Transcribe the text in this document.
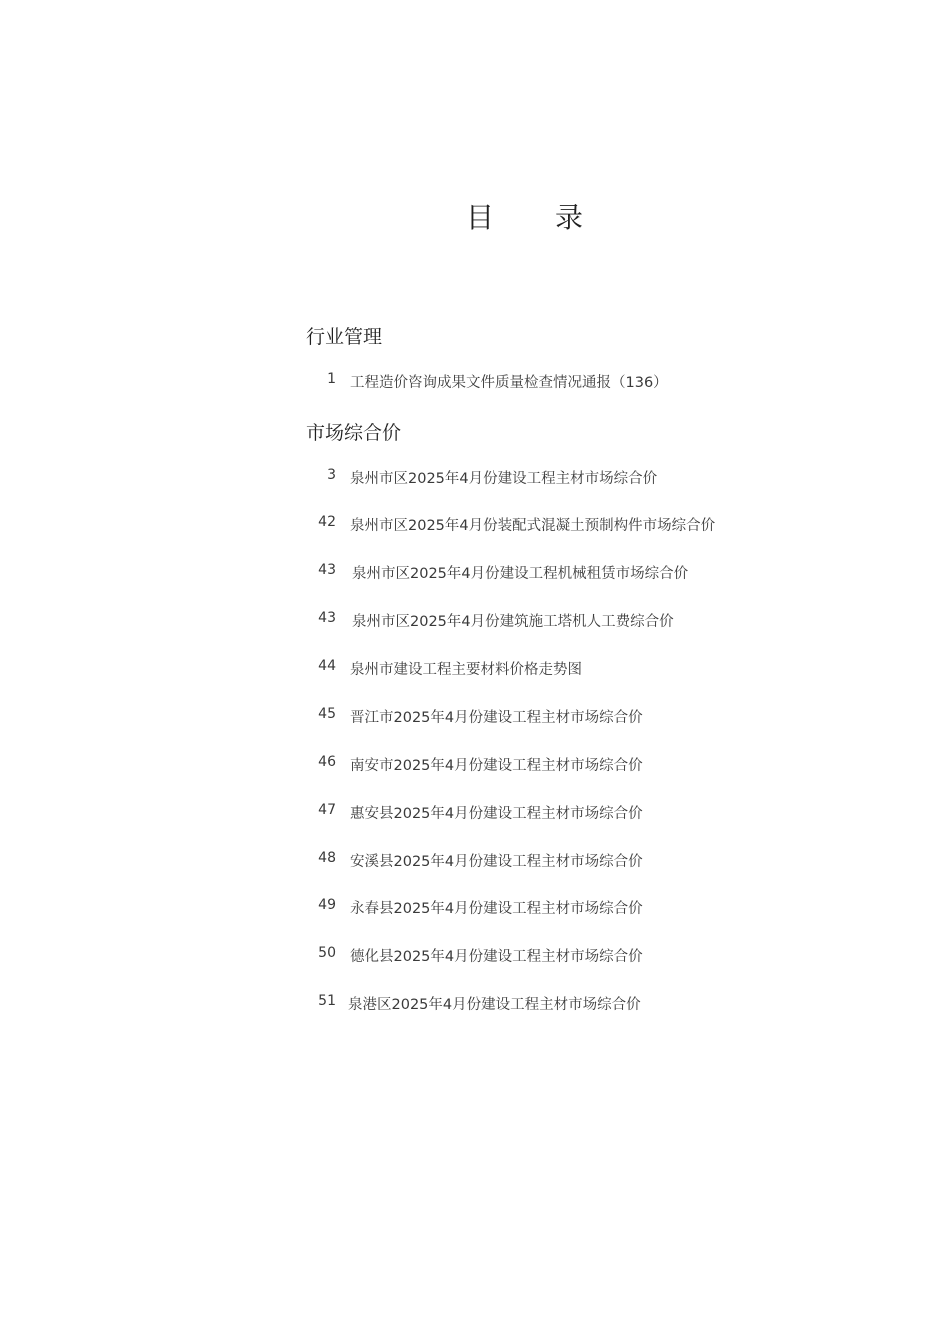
目 录
行业管理
1 工程造价咨询成果文件质量检查情况通报（136）
市场综合价
3 泉州市区2025年4月份建设工程主材市场综合价
42 泉州市区2025年4月份装配式混凝土预制构件市场综合价
43 泉州市区2025年4月份建设工程机械租赁市场综合价
43 泉州市区2025年4月份建筑施工塔机人工费综合价
44 泉州市建设工程主要材料价格走势图
45 晋江市2025年4月份建设工程主材市场综合价
46 南安市2025年4月份建设工程主材市场综合价
47 惠安县2025年4月份建设工程主材市场综合价
48 安溪县2025年4月份建设工程主材市场综合价
49 永春县2025年4月份建设工程主材市场综合价
50 德化县2025年4月份建设工程主材市场综合价
51 泉港区2025年4月份建设工程主材市场综合价
